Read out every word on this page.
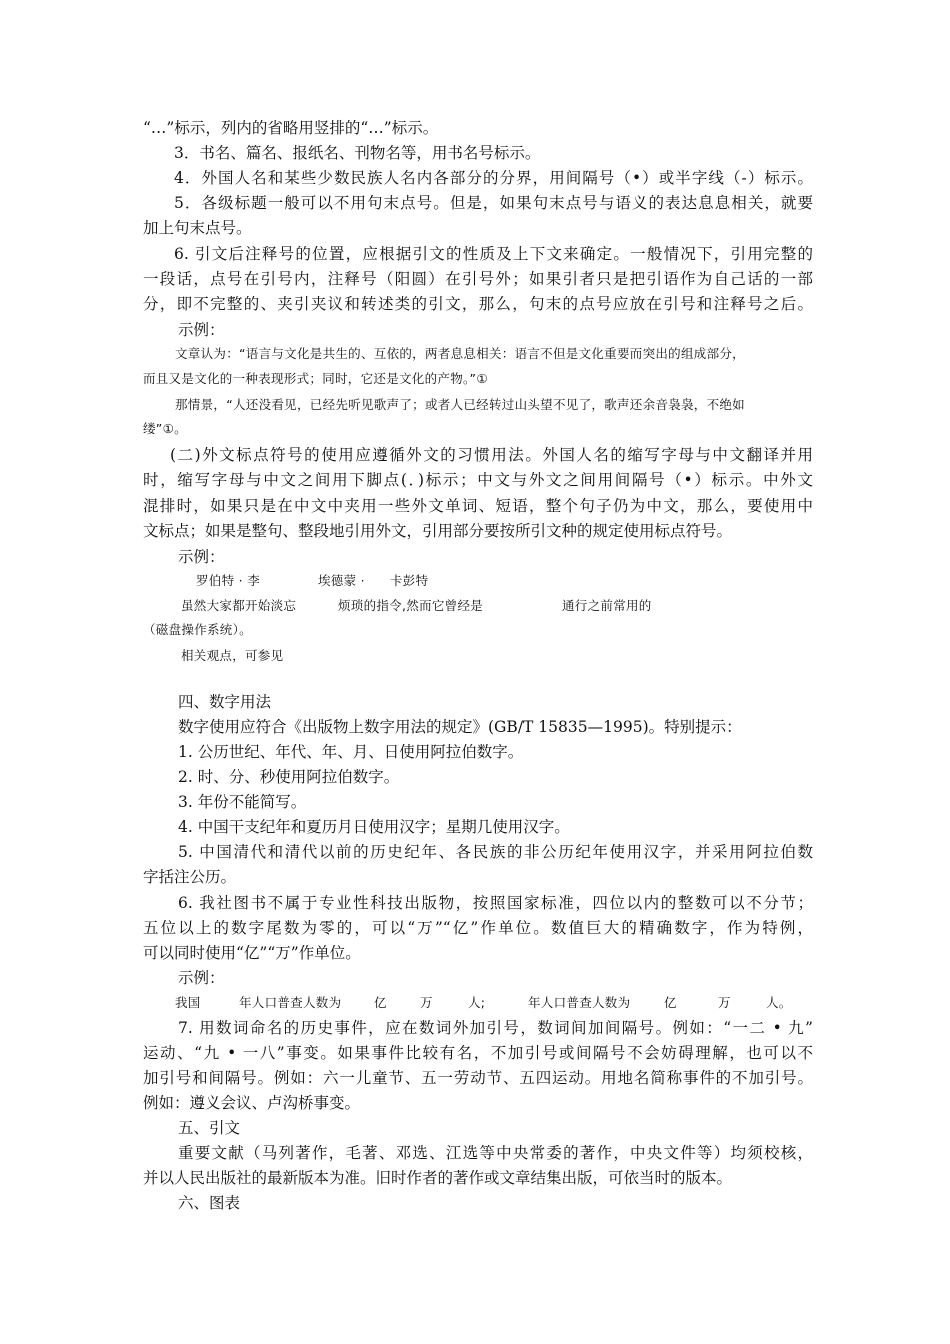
“…”标示，列内的省略用竖排的“…”标示。
3．书名、篇名、报纸名、刊物名等，用书名号标示。
4．外国人名和某些少数民族人名内各部分的分界，用间隔号（•）或半字线（-）标示。
5．各级标题一般可以不用句末点号。但是，如果句末点号与语义的表达息息相关，就要
加上句末点号。
6. 引文后注释号的位置，应根据引文的性质及上下文来确定。一般情况下，引用完整的
一段话，点号在引号内，注释号（阳圆）在引号外；如果引者只是把引语作为自己话的一部
分，即不完整的、夹引夹议和转述类的引文，那么，句末的点号应放在引号和注释号之后。
示例：
文章认为：“语言与文化是共生的、互依的，两者息息相关：语言不但是文化重要而突出的组成部分，
而且又是文化的一种表现形式；同时，它还是文化的产物。”①
那情景，“人还没看见，已经先听见歌声了；或者人已经转过山头望不见了，歌声还余音袅袅，不绝如
缕”①。
(二)外文标点符号的使用应遵循外文的习惯用法。外国人名的缩写字母与中文翻译并用
时，缩写字母与中文之间用下脚点(．)标示；中文与外文之间用间隔号（•）标示。中外文
混排时，如果只是在中文中夹用一些外文单词、短语，整个句子仍为中文，那么，要使用中
文标点；如果是整句、整段地引用外文，引用部分要按所引文种的规定使用标点符号。
示例：
罗伯特 · 李	埃德蒙 · 卡彭特
虽然大家都开始淡忘	烦琐的指令,然而它曾经是	通行之前常用的
（磁盘操作系统）。
相关观点，可参见
四、数字用法
数字使用应符合《出版物上数字用法的规定》(GB/T 15835—1995)。特别提示：
1. 公历世纪、年代、年、月、日使用阿拉伯数字。
2. 时、分、秒使用阿拉伯数字。
3. 年份不能简写。
4. 中国干支纪年和夏历月日使用汉字；星期几使用汉字。
5. 中国清代和清代以前的历史纪年、各民族的非公历纪年使用汉字，并采用阿拉伯数
字括注公历。
6. 我社图书不属于专业性科技出版物，按照国家标准，四位以内的整数可以不分节；
五位以上的数字尾数为零的，可以“万”“亿”作单位。数值巨大的精确数字，作为特例，
可以同时使用“亿”“万”作单位。
示例：
我国	年人口普查人数为	亿	万	人;	年人口普查人数为	亿	万	人。
7. 用数词命名的历史事件，应在数词外加引号，数词间加间隔号。例如：“一二 • 九”
运动、“九 • 一八”事变。如果事件比较有名，不加引号或间隔号不会妨碍理解，也可以不
加引号和间隔号。例如：六一儿童节、五一劳动节、五四运动。用地名简称事件的不加引号。
例如：遵义会议、卢沟桥事变。
五、引文
重要文献（马列著作，毛著、邓选、江选等中央常委的著作，中央文件等）均须校核，
并以人民出版社的最新版本为准。旧时作者的著作或文章结集出版，可依当时的版本。
六、图表
